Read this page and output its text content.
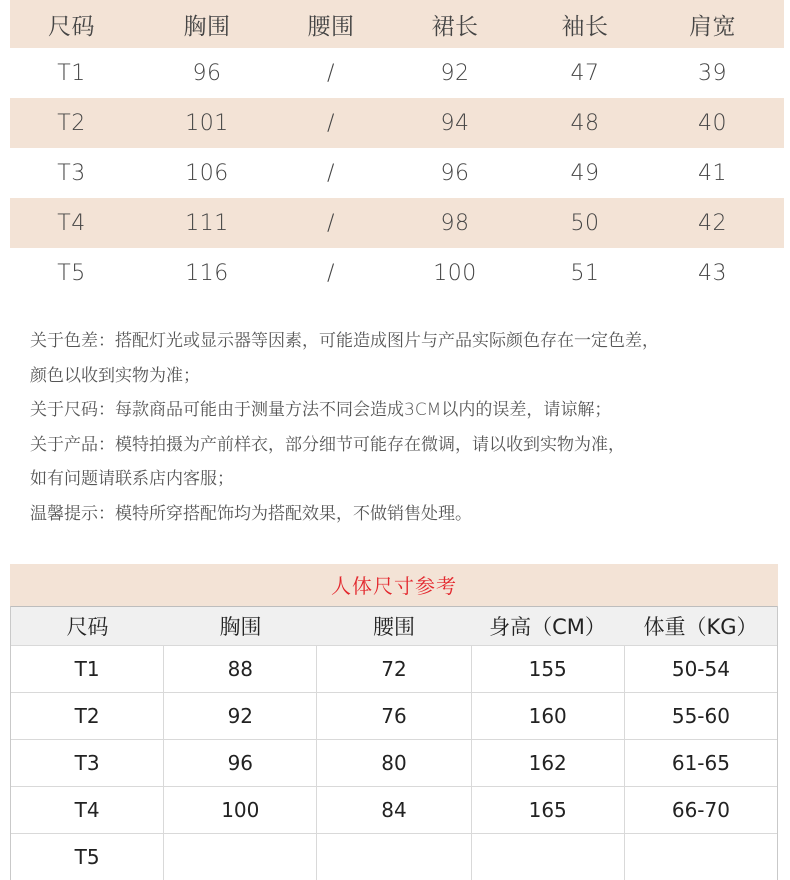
尺码	胸围	腰围	裙长	袖长	肩宽
T1	96	/	92	47	39
T2	101	/	94	48	40
T3	106	/	96	49	41
T4	111	/	98	50	42
T5	116	/	100	51	43
关于色差：搭配灯光或显示器等因素，可能造成图片与产品实际颜色存在一定色差，
颜色以收到实物为准；
关于尺码：每款商品可能由于测量方法不同会造成3CM以内的误差，请谅解；
关于产品：模特拍摄为产前样衣，部分细节可能存在微调，请以收到实物为准，
如有问题请联系店内客服；
温馨提示：模特所穿搭配饰均为搭配效果，不做销售处理。
人体尺寸参考
尺码	胸围	腰围	身高（CM）	体重（KG）
T1	88	72	155	50-54
T2	92	76	160	55-60
T3	96	80	162	61-65
T4	100	84	165	66-70
T5
